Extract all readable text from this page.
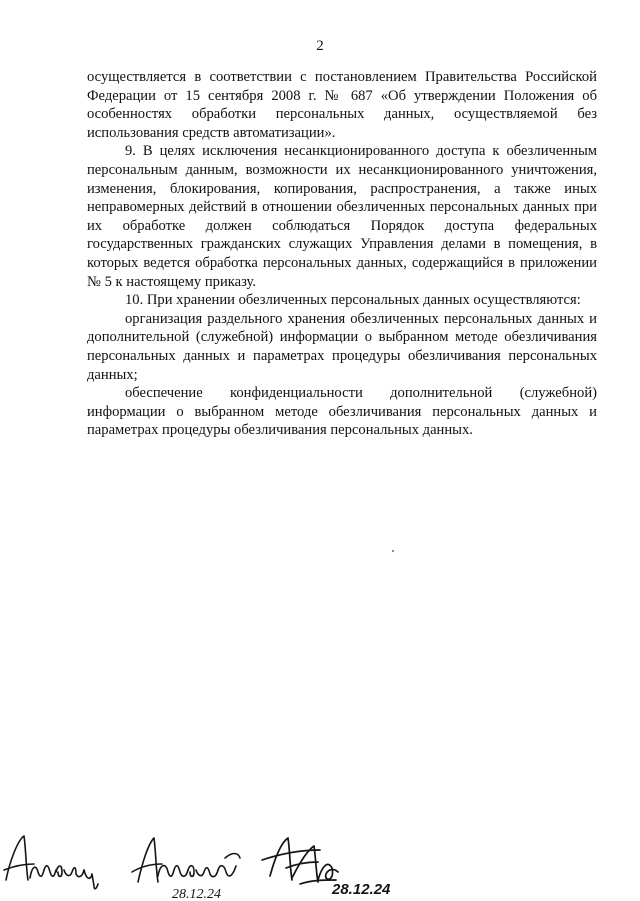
2

осуществляется в соответствии с постановлением Правительства Российской Федерации от 15 сентября 2008 г. № 687 «Об утверждении Положения об особенностях обработки персональных данных, осуществляемой без использования средств автоматизации».

9. В целях исключения несанкционированного доступа к обезличенным персональным данным, возможности их несанкционированного уничтожения, изменения, блокирования, копирования, распространения, а также иных неправомерных действий в отношении обезличенных персональных данных при их обработке должен соблюдаться Порядок доступа федеральных государственных гражданских служащих Управления делами в помещения, в которых ведется обработка персональных данных, содержащийся в приложении № 5 к настоящему приказу.

10. При хранении обезличенных персональных данных осуществляются:

организация раздельного хранения обезличенных персональных данных и дополнительной (служебной) информации о выбранном методе обезличивания персональных данных и параметрах процедуры обезличивания персональных данных;

обеспечение конфиденциальности дополнительной (служебной) информации о выбранном методе обезличивания персональных данных и параметрах процедуры обезличивания персональных данных.

28.12.24	28.12.24
